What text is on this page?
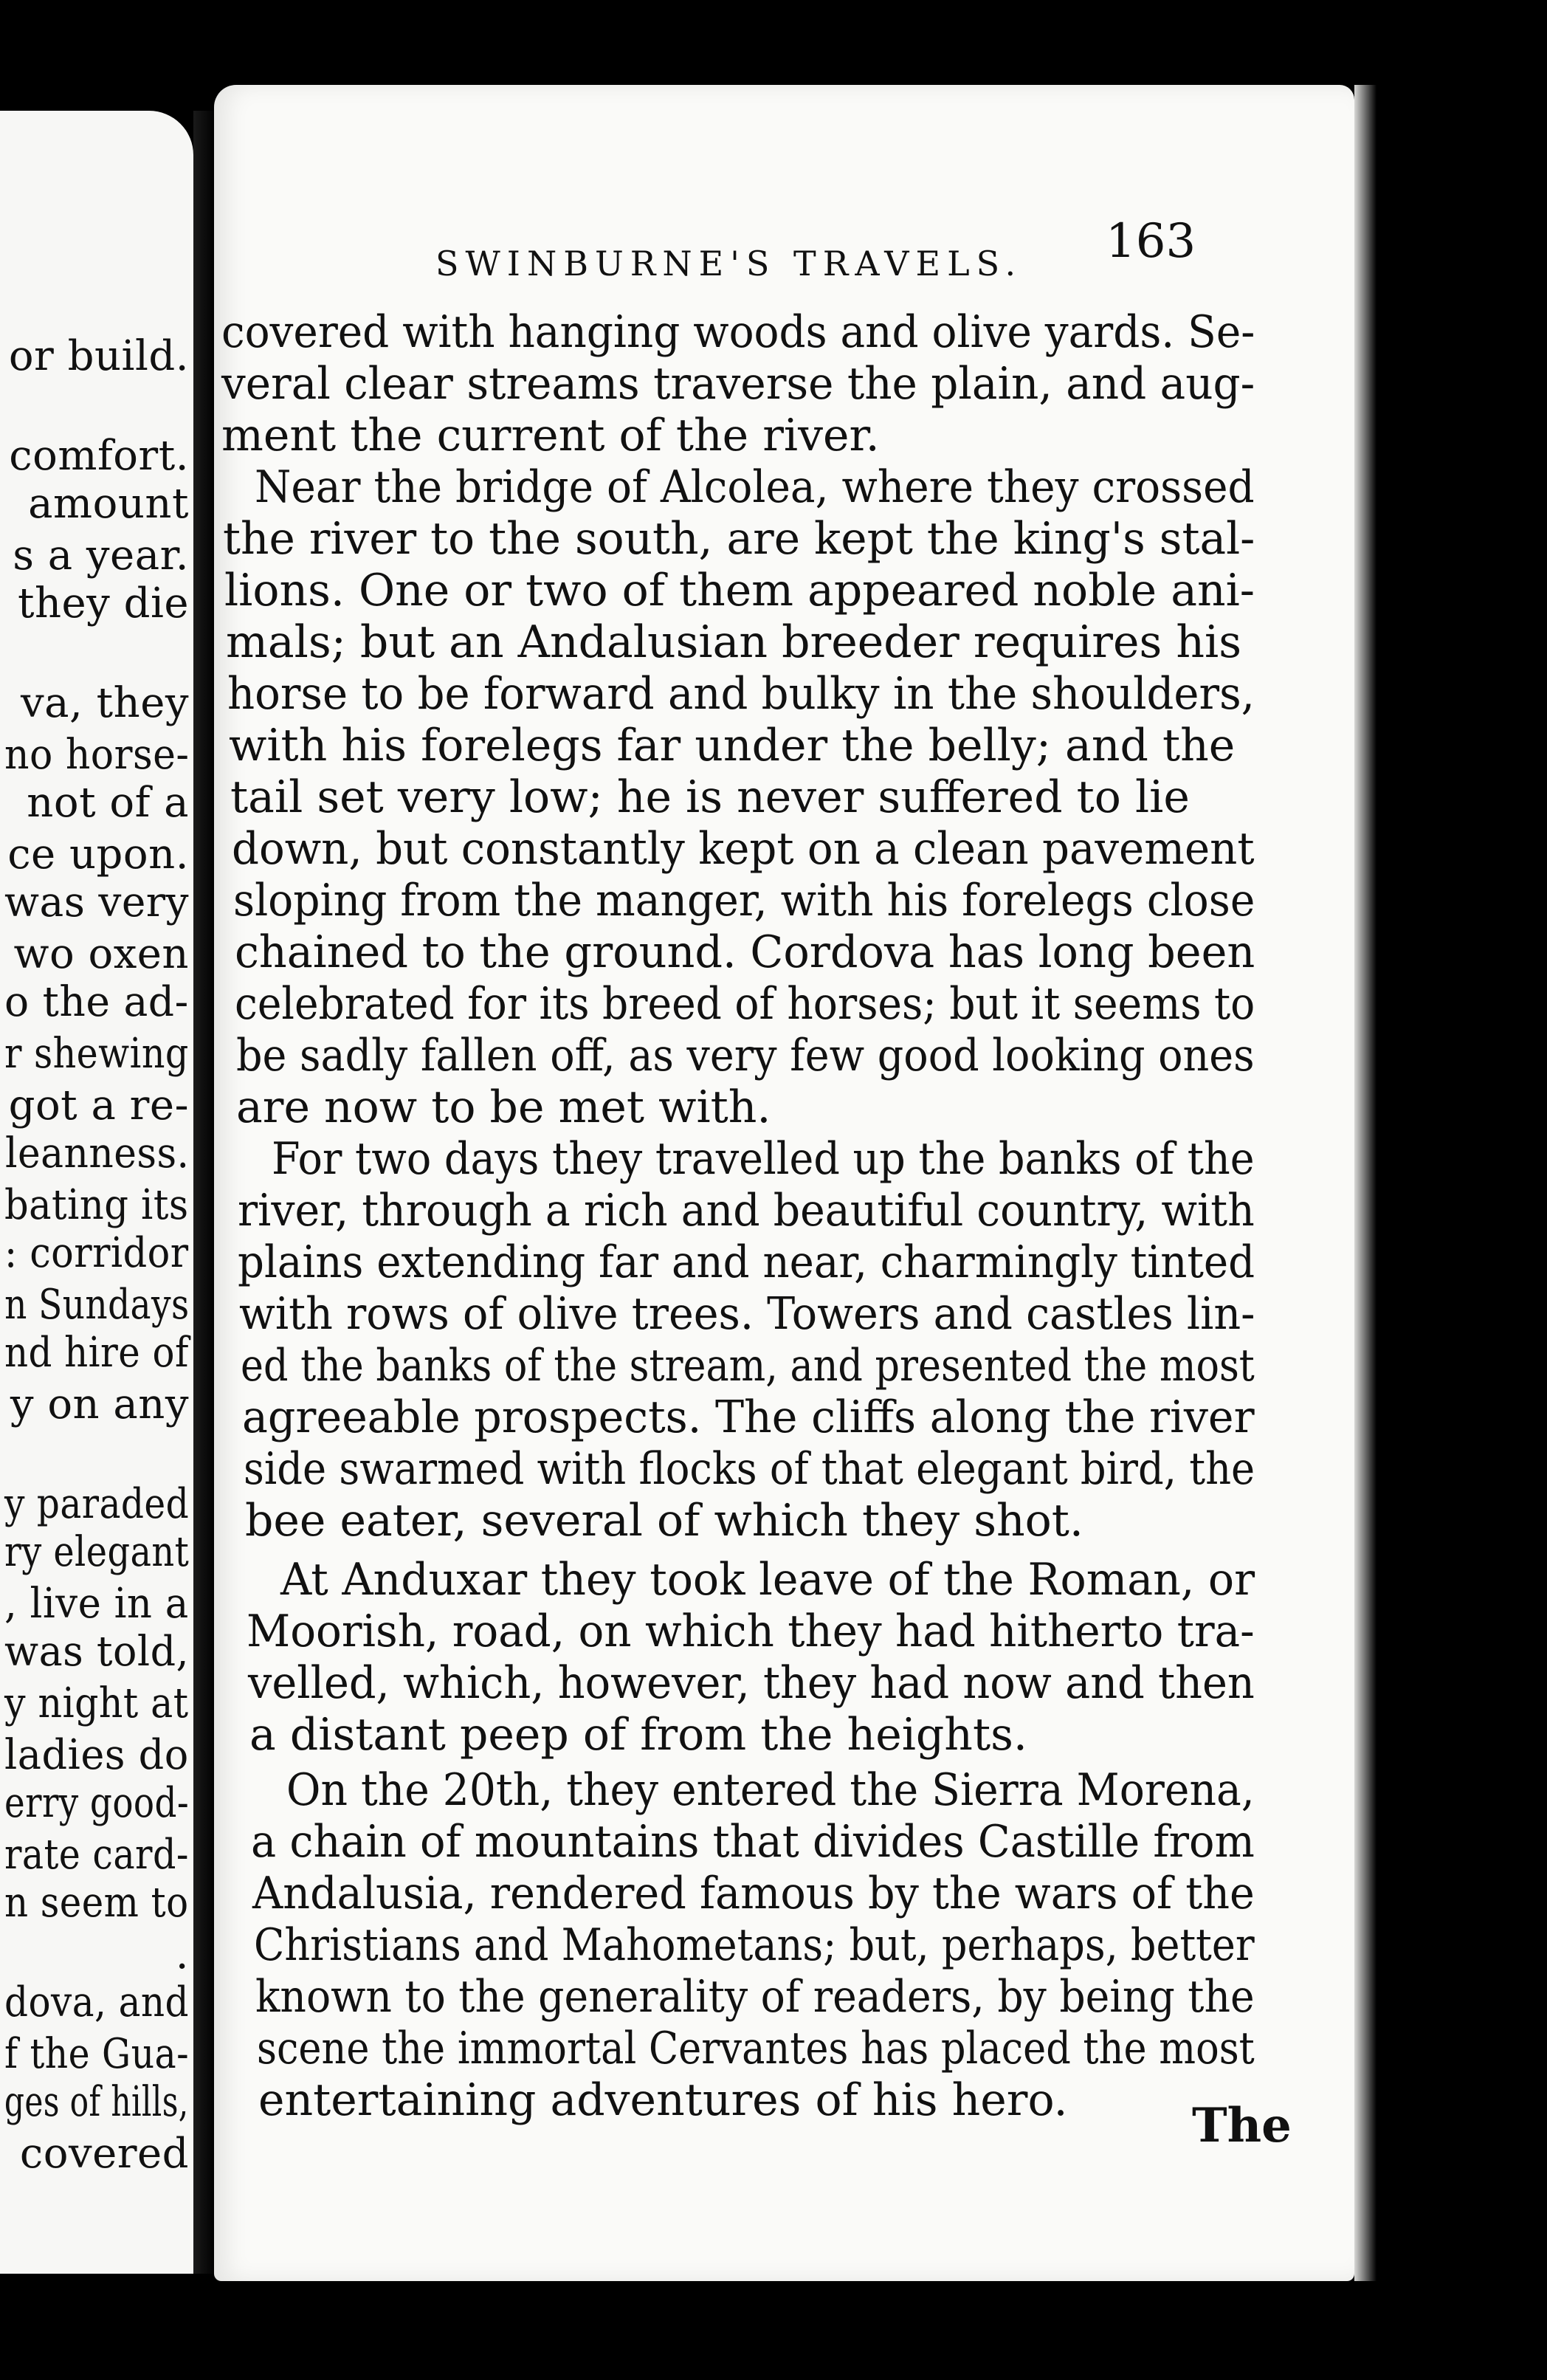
or build.
comfort.
amount
s a year.
they die
va, they
no horse-
not of a
ce upon.
was very
wo oxen
o the ad-
r shewing
got a re-
leanness.
bating its
: corridor
n Sundays
nd hire of
y on any
y paraded
ry elegant
, live in a
was told,
y night at
ladies do
erry good-
rate card-
n seem to
.
dova, and
f the Gua-
ges of hills,
covered
SWINBURNE'S TRAVELS. 163
covered with hanging woods and olive yards. Se-
veral clear streams traverse the plain, and aug-
ment the current of the river.
Near the bridge of Alcolea, where they crossed
the river to the south, are kept the king's stal-
lions. One or two of them appeared noble ani-
mals; but an Andalusian breeder requires his
horse to be forward and bulky in the shoulders,
with his forelegs far under the belly; and the
tail set very low; he is never suffered to lie
down, but constantly kept on a clean pavement
sloping from the manger, with his forelegs close
chained to the ground. Cordova has long been
celebrated for its breed of horses; but it seems to
be sadly fallen off, as very few good looking ones
are now to be met with.
For two days they travelled up the banks of the
river, through a rich and beautiful country, with
plains extending far and near, charmingly tinted
with rows of olive trees. Towers and castles lin-
ed the banks of the stream, and presented the most
agreeable prospects. The cliffs along the river
side swarmed with flocks of that elegant bird, the
bee eater, several of which they shot.
At Anduxar they took leave of the Roman, or
Moorish, road, on which they had hitherto tra-
velled, which, however, they had now and then
a distant peep of from the heights.
On the 20th, they entered the Sierra Morena,
a chain of mountains that divides Castille from
Andalusia, rendered famous by the wars of the
Christians and Mahometans; but, perhaps, better
known to the generality of readers, by being the
scene the immortal Cervantes has placed the most
entertaining adventures of his hero.	The
